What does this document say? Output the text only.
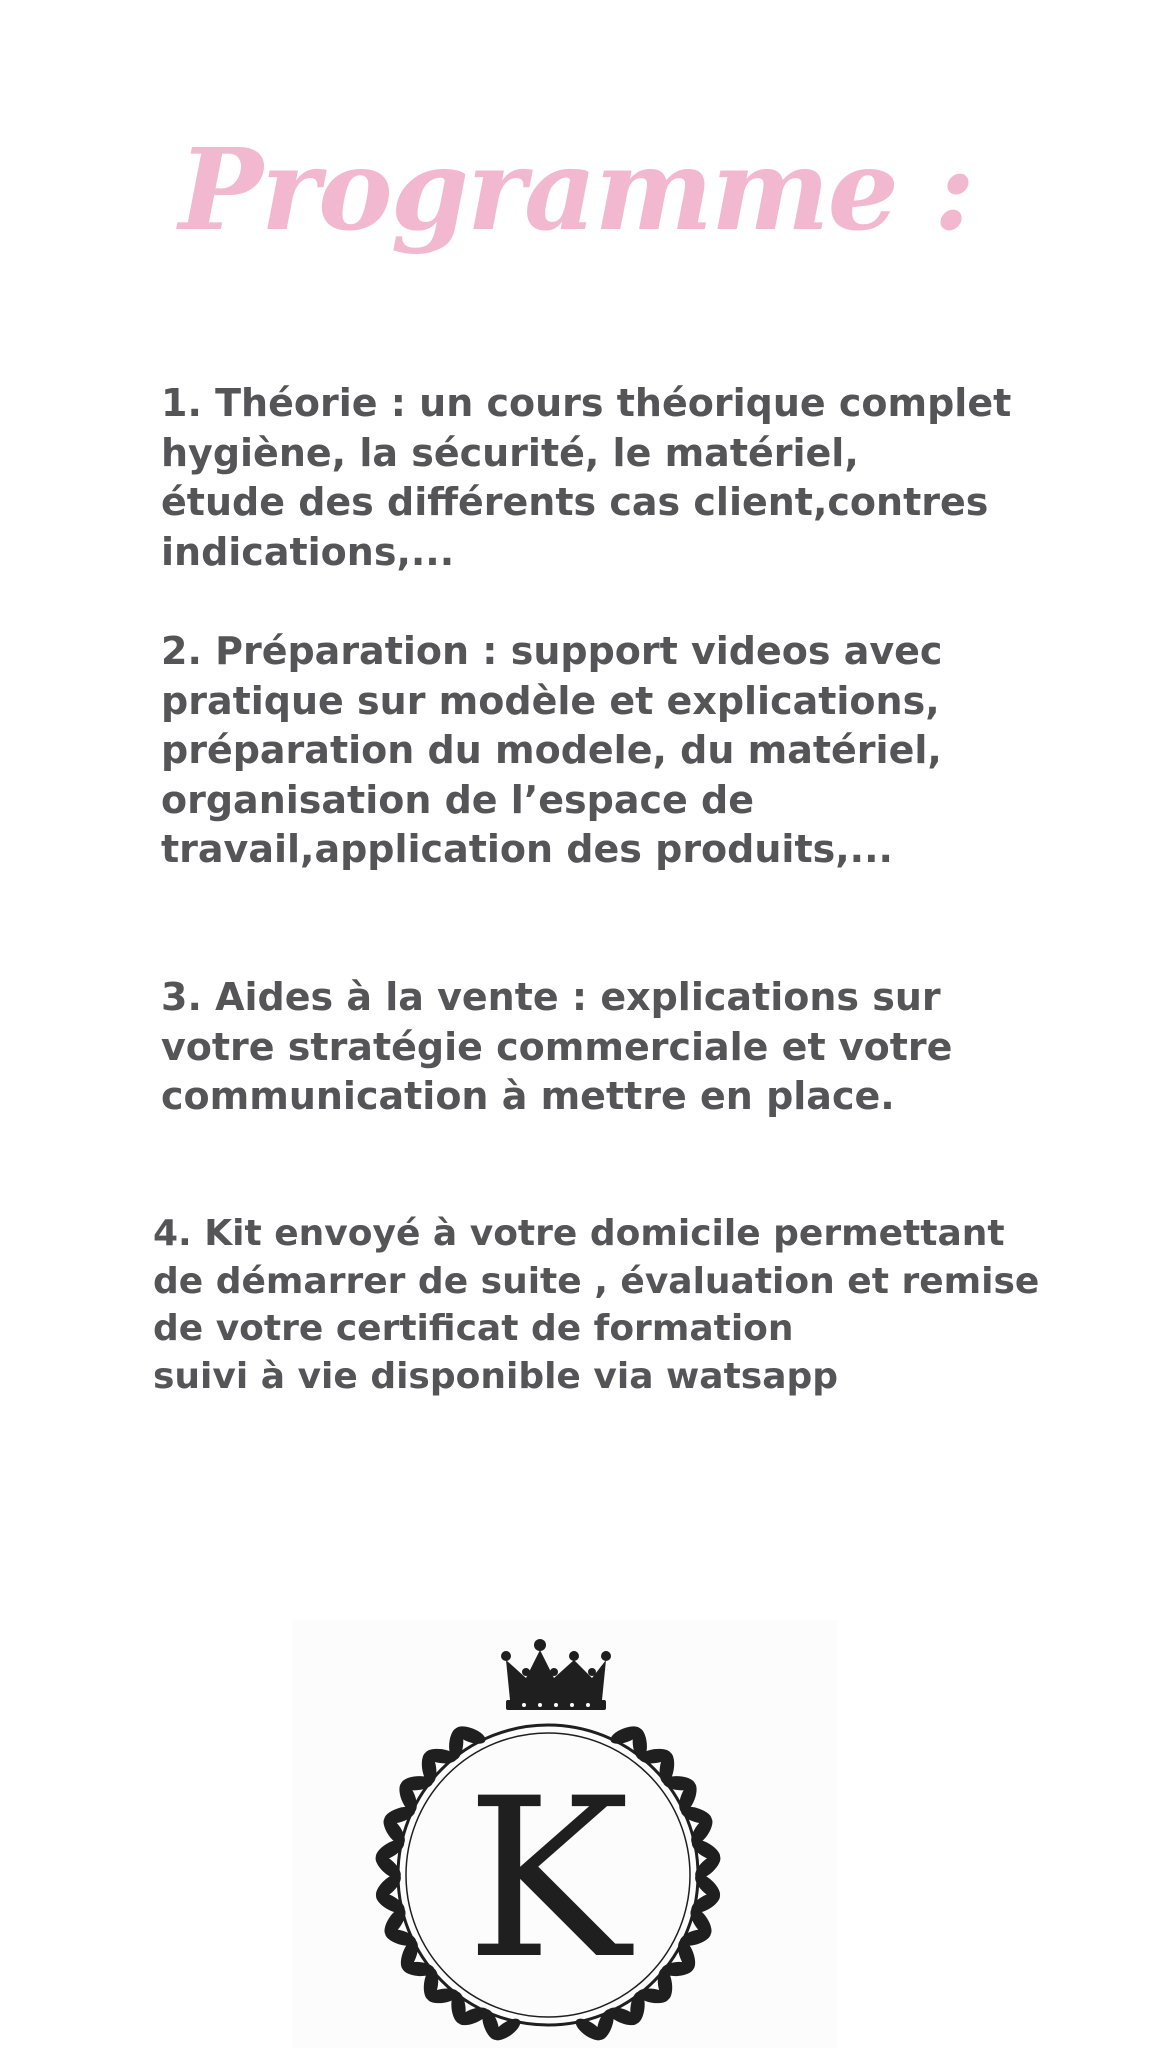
Programme :

1. Théorie : un cours théorique complet
hygiène, la sécurité, le matériel,
étude des différents cas client,contres
indications,...

2. Préparation : support videos avec
pratique sur modèle et explications,
préparation du modele, du matériel,
organisation de l’espace de
travail,application des produits,...

3. Aides à la vente : explications sur
votre stratégie commerciale et votre
communication à mettre en place.

4. Kit envoyé à votre domicile permettant
de démarrer de suite , évaluation et remise
de votre certificat de formation
suivi à vie disponible via watsapp

K
